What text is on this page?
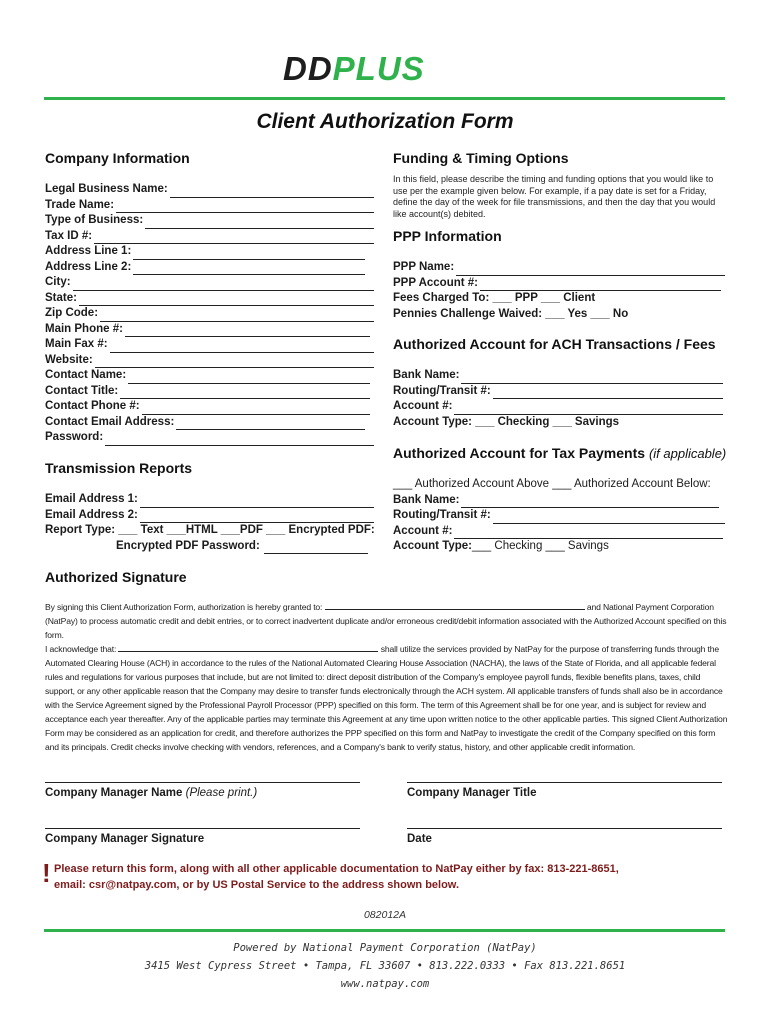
DDPLUS
Client Authorization Form
Company Information
Legal Business Name:
Trade Name:
Type of Business:
Tax ID #:
Address Line 1:
Address Line 2:
City:
State:
Zip Code:
Main Phone #:
Main Fax #:
Website:
Contact Name:
Contact Title:
Contact Phone #:
Contact Email Address:
Password:
Transmission Reports
Email Address 1:
Email Address 2:
Report Type: ___ Text ___HTML ___PDF ___ Encrypted PDF:
Encrypted PDF Password:
Funding & Timing Options
In this field, please describe the timing and funding options that you would like to use per the example given below. For example, if a pay date is set for a Friday, define the day of the week for file transmissions, and then the day that you would like account(s) debited.
PPP Information
PPP Name:
PPP Account #:
Fees Charged To: ___ PPP ___ Client
Pennies Challenge Waived: ___ Yes ___ No
Authorized Account for ACH Transactions / Fees
Bank Name:
Routing/Transit #:
Account #:
Account Type: ___ Checking ___ Savings
Authorized Account for Tax Payments (if applicable)
___ Authorized Account Above ___ Authorized Account Below:
Bank Name:
Routing/Transit #:
Account #:
Account Type: ___ Checking ___ Savings
Authorized Signature
By signing this Client Authorization Form, authorization is hereby granted to:	and National Payment Corporation
(NatPay) to process automatic credit and debit entries, or to correct inadvertent duplicate and/or erroneous credit/debit information associated with the Authorized Account specified on this form.
I acknowledge that:	shall utilize the services provided by NatPay for the purpose of transferring funds through the
Automated Clearing House (ACH) in accordance to the rules of the National Automated Clearing House Association (NACHA), the laws of the State of Florida, and all applicable federal rules and regulations for various purposes that include, but are not limited to: direct deposit distribution of the Company's employee payroll funds, flexible benefits plans, taxes, child support, or any other applicable reason that the Company may desire to transfer funds electronically through the ACH system. All applicable transfers of funds shall also be in accordance with the Service Agreement signed by the Professional Payroll Processor (PPP) specified on this form. The term of this Agreement shall be for one year, and is subject for review and acceptance each year thereafter. Any of the applicable parties may terminate this Agreement at any time upon written notice to the other applicable parties. This signed Client Authorization Form may be considered as an application for credit, and therefore authorizes the PPP specified on this form and NatPay to investigate the credit of the Company specified on this form and its principals. Credit checks involve checking with vendors, references, and a Company's bank to verify status, history, and other applicable credit information.
Company Manager Name (Please print.)	Company Manager Title
Company Manager Signature	Date
! Please return this form, along with all other applicable documentation to NatPay either by fax: 813-221-8651,
email: csr@natpay.com, or by US Postal Service to the address shown below.
082012A
Powered by National Payment Corporation (NatPay)
3415 West Cypress Street • Tampa, FL 33607 • 813.222.0333 • Fax 813.221.8651
www.natpay.com
